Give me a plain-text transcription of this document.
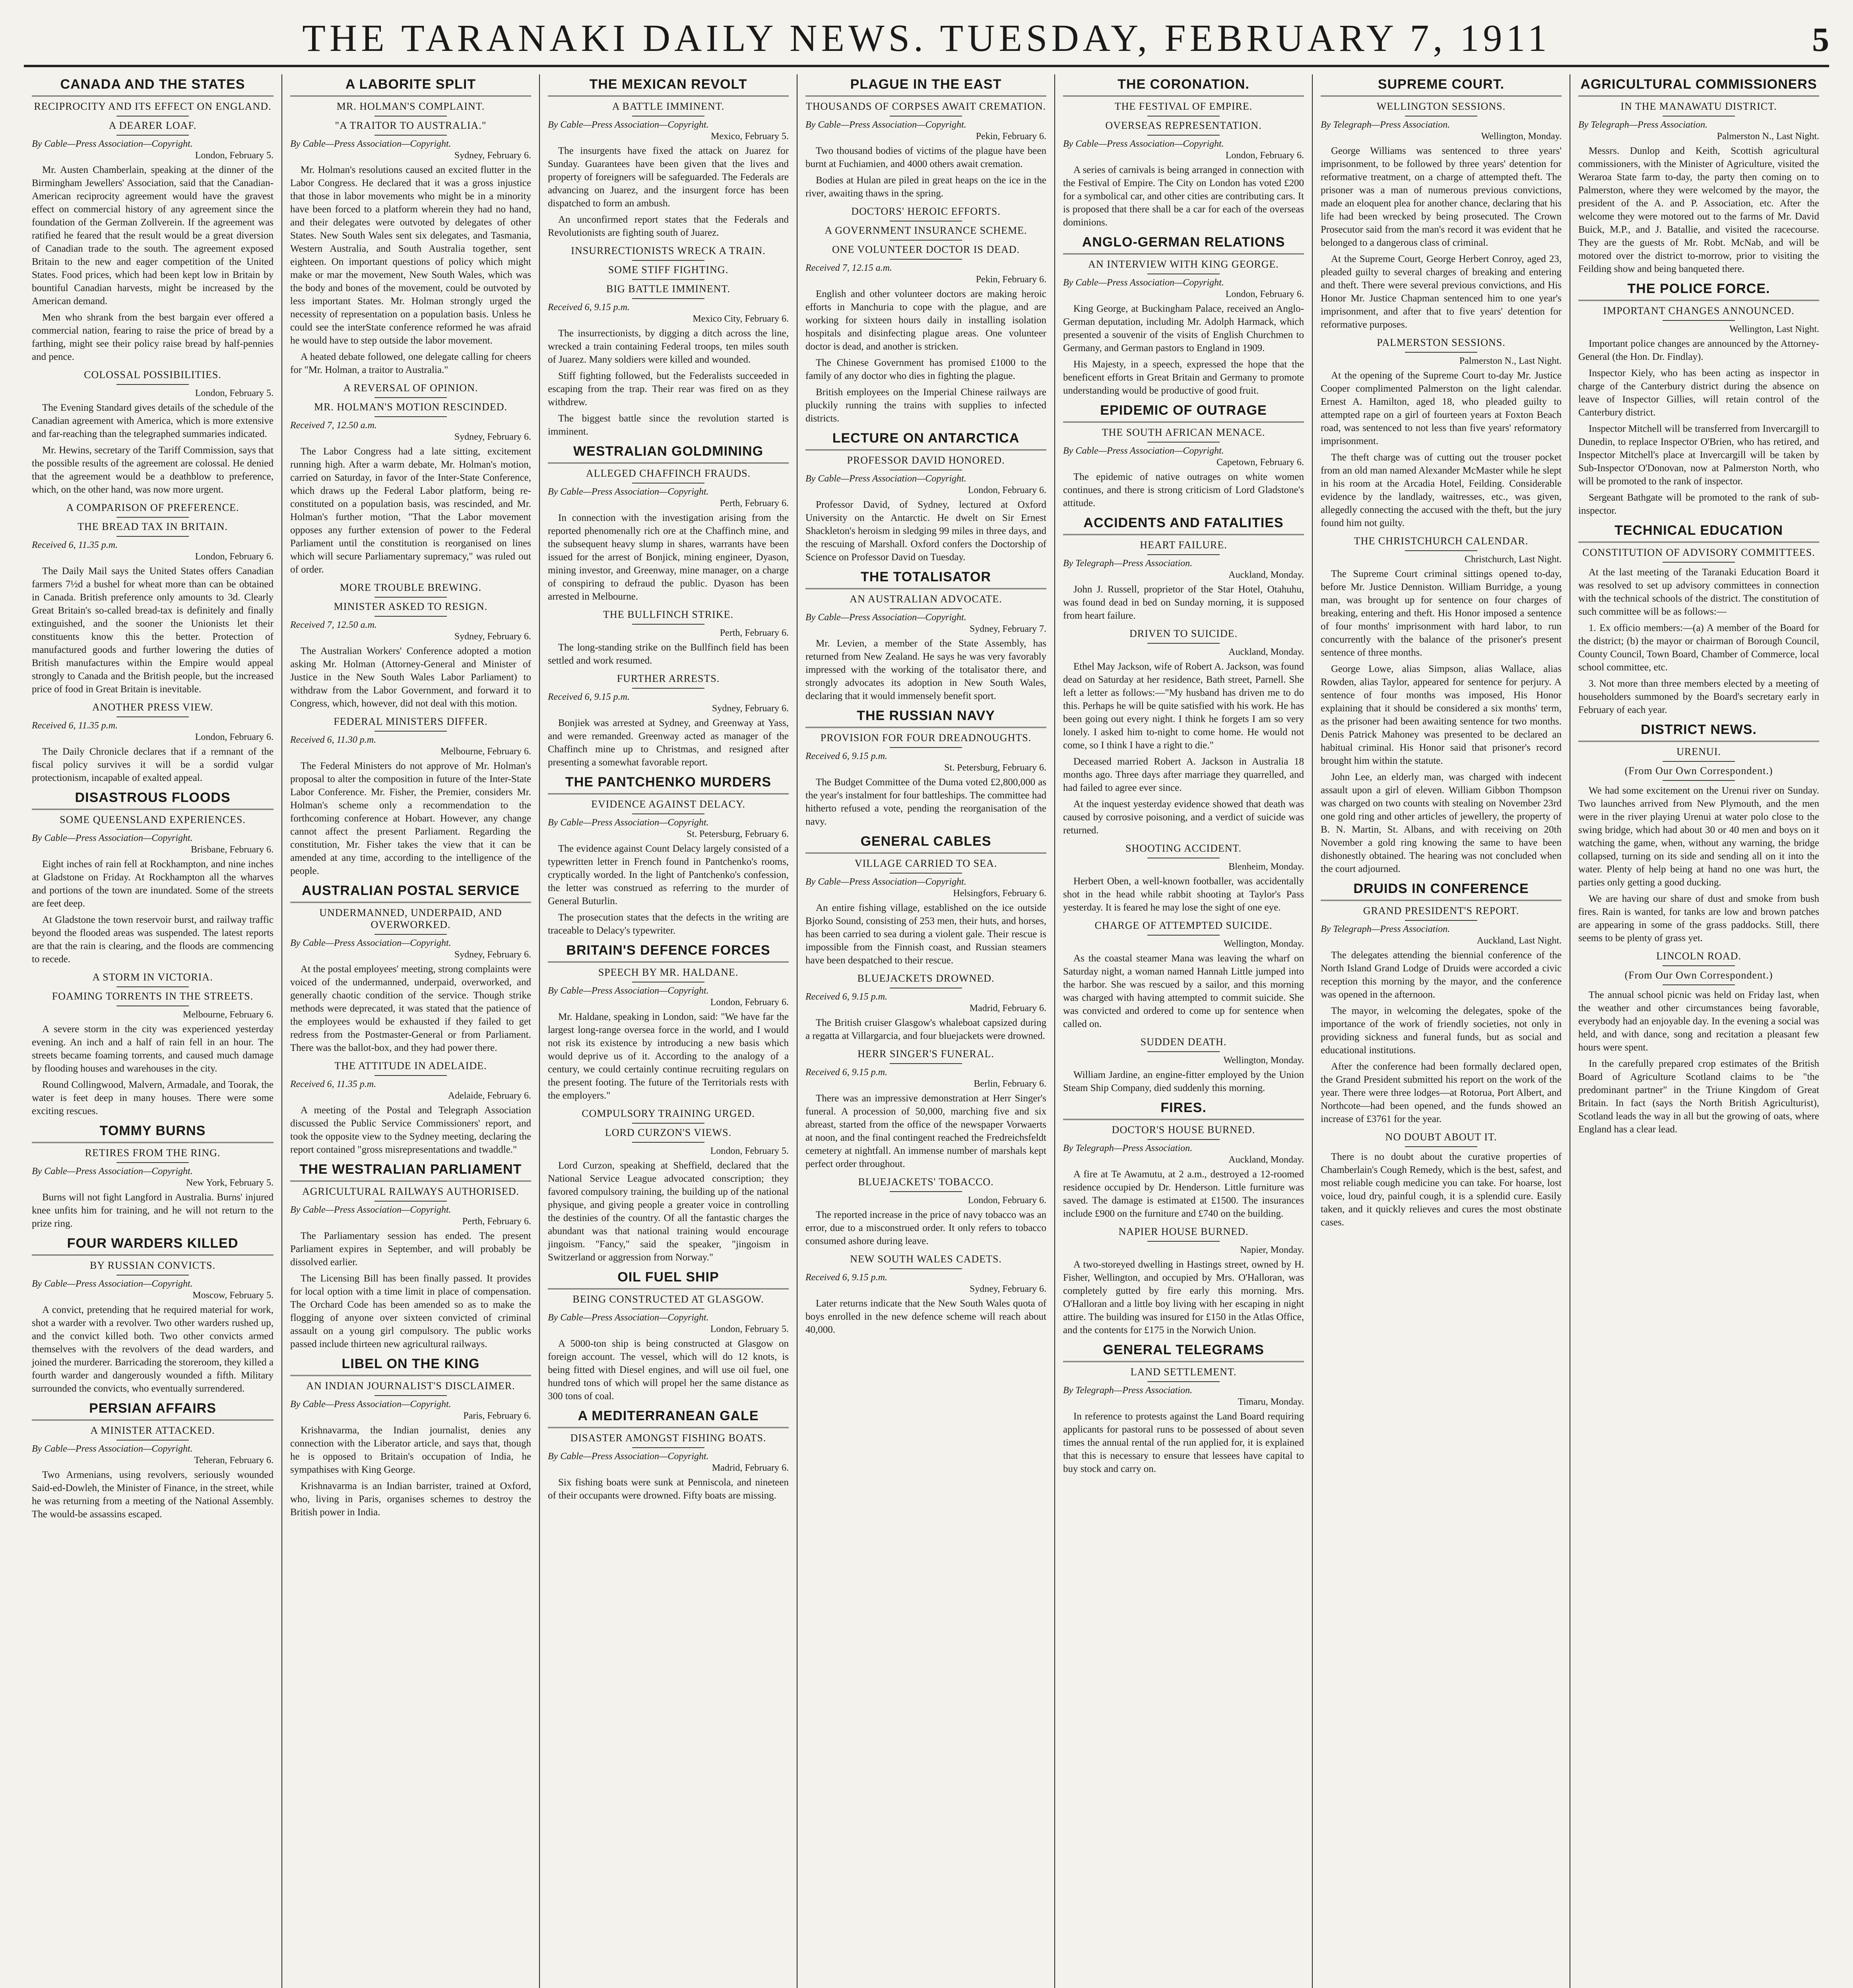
THE TARANAKI DAILY NEWS. TUESDAY, FEBRUARY 7, 1911	5
CANADA AND THE STATES
RECIPROCITY AND ITS EFFECT ON ENGLAND.
A DEARER LOAF.
By Cable—Press Association—Copyright.
London, February 5.

Mr. Austen Chamberlain, speaking at the dinner of the Birmingham Jewellers' Association, said that the Canadian-American reciprocity agreement would have the gravest effect on commercial history of any agreement since the foundation of the German Zollverein. If the agreement was ratified he feared that the result would be a great diversion of Canadian trade to the south. The agreement exposed Britain to the new and eager competition of the United States. Food prices, which had been kept low in Britain by bountiful Canadian harvests, might be increased by the American demand.

Men who shrank from the best bargain ever offered a commercial nation, fearing to raise the price of bread by a farthing, might see their policy raise bread by half-pennies and pence.

COLOSSAL POSSIBILITIES.
London, February 5.

The Evening Standard gives details of the schedule of the Canadian agreement with America, which is more extensive and far-reaching than the telegraphed summaries indicated.

Mr. Hewins, secretary of the Tariff Commission, says that the possible results of the agreement are colossal. He denied that the agreement would be a deathblow to preference, which, on the other hand, was now more urgent.

A COMPARISON OF PREFERENCE.
THE BREAD TAX IN BRITAIN.
Received 6, 11.35 p.m.
London, February 6.

The Daily Mail says the United States offers Canadian farmers 7½d a bushel for wheat more than can be obtained in Canada. British preference only amounts to 3d. Clearly Great Britain's so-called bread-tax is definitely and finally extinguished, and the sooner the Unionists let their constituents know this the better. Protection of manufactured goods and further lowering the duties of British manufactures within the Empire would appeal strongly to Canada and the British people, but the increased price of food in Great Britain is inevitable.

ANOTHER PRESS VIEW.
Received 6, 11.35 p.m.
London, February 6.

The Daily Chronicle declares that if a remnant of the fiscal policy survives it will be a sordid vulgar protectionism, incapable of exalted appeal.

DISASTROUS FLOODS
SOME QUEENSLAND EXPERIENCES.
By Cable—Press Association—Copyright.
Brisbane, February 6.

Eight inches of rain fell at Rockhampton, and nine inches at Gladstone on Friday. At Rockhampton all the wharves and portions of the town are inundated. Some of the streets are feet deep.

At Gladstone the town reservoir burst, and railway traffic beyond the flooded areas was suspended. The latest reports are that the rain is clearing, and the floods are commencing to recede.

A STORM IN VICTORIA.
FOAMING TORRENTS IN THE STREETS.
Melbourne, February 6.

A severe storm in the city was experienced yesterday evening. An inch and a half of rain fell in an hour. The streets became foaming torrents, and caused much damage by flooding houses and warehouses in the city.

Round Collingwood, Malvern, Armadale, and Toorak, the water is feet deep in many houses. There were some exciting rescues.

TOMMY BURNS
RETIRES FROM THE RING.
By Cable—Press Association—Copyright.
New York, February 5.

Burns will not fight Langford in Australia. Burns' injured knee unfits him for training, and he will not return to the prize ring.

FOUR WARDERS KILLED
BY RUSSIAN CONVICTS.
By Cable—Press Association—Copyright.
Moscow, February 5.

A convict, pretending that he required material for work, shot a warder with a revolver. Two other warders rushed up, and the convict killed both. Two other convicts armed themselves with the revolvers of the dead warders, and joined the murderer. Barricading the storeroom, they killed a fourth warder and dangerously wounded a fifth. Military surrounded the convicts, who eventually surrendered.

PERSIAN AFFAIRS
A MINISTER ATTACKED.
By Cable—Press Association—Copyright.
Teheran, February 6.

Two Armenians, using revolvers, seriously wounded Said-ed-Dowleh, the Minister of Finance, in the street, while he was returning from a meeting of the National Assembly. The would-be assassins escaped.

A LABORITE SPLIT
MR. HOLMAN'S COMPLAINT.
"A TRAITOR TO AUSTRALIA."
By Cable—Press Association—Copyright.
Sydney, February 6.

Mr. Holman's resolutions caused an excited flutter in the Labor Congress. He declared that it was a gross injustice that those in labor movements who might be in a minority have been forced to a platform wherein they had no hand, and their delegates were outvoted by delegates of other States. New South Wales sent six delegates, and Tasmania, Western Australia, and South Australia together, sent eighteen. On important questions of policy which might make or mar the movement, New South Wales, which was the body and bones of the movement, could be outvoted by less important States. Mr. Holman strongly urged the necessity of representation on a population basis. Unless he could see the interState conference reformed he was afraid he would have to step outside the labor movement.

A heated debate followed, one delegate calling for cheers for "Mr. Holman, a traitor to Australia."

A REVERSAL OF OPINION.
MR. HOLMAN'S MOTION RESCINDED.
Received 7, 12.50 a.m.
Sydney, February 6.

The Labor Congress had a late sitting, excitement running high. After a warm debate, Mr. Holman's motion, carried on Saturday, in favor of the Inter-State Conference, which draws up the Federal Labor platform, being re-constituted on a population basis, was rescinded, and Mr. Holman's further motion, "That the Labor movement opposes any further extension of power to the Federal Parliament until the constitution is reorganised on lines which will secure Parliamentary supremacy," was ruled out of order.

MORE TROUBLE BREWING.
MINISTER ASKED TO RESIGN.
Received 7, 12.50 a.m.
Sydney, February 6.

The Australian Workers' Conference adopted a motion asking Mr. Holman (Attorney-General and Minister of Justice in the New South Wales Labor Parliament) to withdraw from the Labor Government, and forward it to Congress, which, however, did not deal with this motion.

FEDERAL MINISTERS DIFFER.
Received 6, 11.30 p.m.
Melbourne, February 6.

The Federal Ministers do not approve of Mr. Holman's proposal to alter the composition in future of the Inter-State Labor Conference. Mr. Fisher, the Premier, considers Mr. Holman's scheme only a recommendation to the forthcoming conference at Hobart. However, any change cannot affect the present Parliament. Regarding the constitution, Mr. Fisher takes the view that it can be amended at any time, according to the intelligence of the people.

AUSTRALIAN POSTAL SERVICE
UNDERMANNED, UNDERPAID, AND OVERWORKED.
By Cable—Press Association—Copyright.
Sydney, February 6.

At the postal employees' meeting, strong complaints were voiced of the undermanned, underpaid, overworked, and generally chaotic condition of the service. Though strike methods were deprecated, it was stated that the patience of the employees would be exhausted if they failed to get redress from the Postmaster-General or from Parliament. There was the ballot-box, and they had power there.

THE ATTITUDE IN ADELAIDE.
Received 6, 11.35 p.m.
Adelaide, February 6.

A meeting of the Postal and Telegraph Association discussed the Public Service Commissioners' report, and took the opposite view to the Sydney meeting, declaring the report contained "gross misrepresentations and twaddle."

THE WESTRALIAN PARLIAMENT
AGRICULTURAL RAILWAYS AUTHORISED.
By Cable—Press Association—Copyright.
Perth, February 6.

The Parliamentary session has ended. The present Parliament expires in September, and will probably be dissolved earlier.

The Licensing Bill has been finally passed. It provides for local option with a time limit in place of compensation. The Orchard Code has been amended so as to make the flogging of anyone over sixteen convicted of criminal assault on a young girl compulsory. The public works passed include thirteen new agricultural railways.

LIBEL ON THE KING
AN INDIAN JOURNALIST'S DISCLAIMER.
By Cable—Press Association—Copyright.
Paris, February 6.

Krishnavarma, the Indian journalist, denies any connection with the Liberator article, and says that, though he is opposed to Britain's occupation of India, he sympathises with King George.

Krishnavarma is an Indian barrister, trained at Oxford, who, living in Paris, organises schemes to destroy the British power in India.

THE MEXICAN REVOLT
A BATTLE IMMINENT.
By Cable—Press Association—Copyright.
Mexico, February 5.

The insurgents have fixed the attack on Juarez for Sunday. Guarantees have been given that the lives and property of foreigners will be safeguarded. The Federals are advancing on Juarez, and the insurgent force has been dispatched to form an ambush.

An unconfirmed report states that the Federals and Revolutionists are fighting south of Juarez.

INSURRECTIONISTS WRECK A TRAIN.
SOME STIFF FIGHTING.
BIG BATTLE IMMINENT.
Received 6, 9.15 p.m.
Mexico City, February 6.

The insurrectionists, by digging a ditch across the line, wrecked a train containing Federal troops, ten miles south of Juarez. Many soldiers were killed and wounded.

Stiff fighting followed, but the Federalists succeeded in escaping from the trap. Their rear was fired on as they withdrew.

The biggest battle since the revolution started is imminent.

WESTRALIAN GOLDMINING
ALLEGED CHAFFINCH FRAUDS.
By Cable—Press Association—Copyright.
Perth, February 6.

In connection with the investigation arising from the reported phenomenally rich ore at the Chaffinch mine, and the subsequent heavy slump in shares, warrants have been issued for the arrest of Bonjick, mining engineer, Dyason, mining investor, and Greenway, mine manager, on a charge of conspiring to defraud the public. Dyason has been arrested in Melbourne.

THE BULLFINCH STRIKE.
Perth, February 6.

The long-standing strike on the Bullfinch field has been settled and work resumed.

FURTHER ARRESTS.
Received 6, 9.15 p.m.
Sydney, February 6.

Bonjiek was arrested at Sydney, and Greenway at Yass, and were remanded. Greenway acted as manager of the Chaffinch mine up to Christmas, and resigned after presenting a somewhat favorable report.

THE PANTCHENKO MURDERS
EVIDENCE AGAINST DELACY.
By Cable—Press Association—Copyright.
St. Petersburg, February 6.

The evidence against Count Delacy largely consisted of a typewritten letter in French found in Pantchenko's rooms, cryptically worded. In the light of Pantchenko's confession, the letter was construed as referring to the murder of General Buturlin.

The prosecution states that the defects in the writing are traceable to Delacy's typewriter.

BRITAIN'S DEFENCE FORCES
SPEECH BY MR. HALDANE.
By Cable—Press Association—Copyright.
London, February 6.

Mr. Haldane, speaking in London, said: "We have far the largest long-range oversea force in the world, and I would not risk its existence by introducing a new basis which would deprive us of it. According to the analogy of a century, we could certainly continue recruiting regulars on the present footing. The future of the Territorials rests with the employers."

COMPULSORY TRAINING URGED.
LORD CURZON'S VIEWS.
London, February 5.

Lord Curzon, speaking at Sheffield, declared that the National Service League advocated conscription; they favored compulsory training, the building up of the national physique, and giving people a greater voice in controlling the destinies of the country. Of all the fantastic charges the abundant was that national training would encourage jingoism. "Fancy," said the speaker, "jingoism in Switzerland or aggression from Norway."

OIL FUEL SHIP
BEING CONSTRUCTED AT GLASGOW.
By Cable—Press Association—Copyright.
London, February 5.

A 5000-ton ship is being constructed at Glasgow on foreign account. The vessel, which will do 12 knots, is being fitted with Diesel engines, and will use oil fuel, one hundred tons of which will propel her the same distance as 300 tons of coal.

A MEDITERRANEAN GALE
DISASTER AMONGST FISHING BOATS.
By Cable—Press Association—Copyright.
Madrid, February 6.

Six fishing boats were sunk at Penniscola, and nineteen of their occupants were drowned. Fifty boats are missing.

PLAGUE IN THE EAST
THOUSANDS OF CORPSES AWAIT CREMATION.
By Cable—Press Association—Copyright.
Pekin, February 6.

Two thousand bodies of victims of the plague have been burnt at Fuchiamien, and 4000 others await cremation.

Bodies at Hulan are piled in great heaps on the ice in the river, awaiting thaws in the spring.

DOCTORS' HEROIC EFFORTS.
A GOVERNMENT INSURANCE SCHEME.
ONE VOLUNTEER DOCTOR IS DEAD.
Received 7, 12.15 a.m.
Pekin, February 6.

English and other volunteer doctors are making heroic efforts in Manchuria to cope with the plague, and are working for sixteen hours daily in installing isolation hospitals and disinfecting plague areas. One volunteer doctor is dead, and another is stricken.

The Chinese Government has promised £1000 to the family of any doctor who dies in fighting the plague.

British employees on the Imperial Chinese railways are pluckily running the trains with supplies to infected districts.

LECTURE ON ANTARCTICA
PROFESSOR DAVID HONORED.
By Cable—Press Association—Copyright.
London, February 6.

Professor David, of Sydney, lectured at Oxford University on the Antarctic. He dwelt on Sir Ernest Shackleton's heroism in sledging 99 miles in three days, and the rescuing of Marshall. Oxford confers the Doctorship of Science on Professor David on Tuesday.

THE TOTALISATOR
AN AUSTRALIAN ADVOCATE.
By Cable—Press Association—Copyright.
Sydney, February 7.

Mr. Levien, a member of the State Assembly, has returned from New Zealand. He says he was very favorably impressed with the working of the totalisator there, and strongly advocates its adoption in New South Wales, declaring that it would immensely benefit sport.

THE RUSSIAN NAVY
PROVISION FOR FOUR DREADNOUGHTS.
Received 6, 9.15 p.m.
St. Petersburg, February 6.

The Budget Committee of the Duma voted £2,800,000 as the year's instalment for four battleships. The committee had hitherto refused a vote, pending the reorganisation of the navy.

GENERAL CABLES
VILLAGE CARRIED TO SEA.
By Cable—Press Association—Copyright.
Helsingfors, February 6.

An entire fishing village, established on the ice outside Bjorko Sound, consisting of 253 men, their huts, and horses, has been carried to sea during a violent gale. Their rescue is impossible from the Finnish coast, and Russian steamers have been despatched to their rescue.

BLUEJACKETS DROWNED.
Received 6, 9.15 p.m.
Madrid, February 6.

The British cruiser Glasgow's whaleboat capsized during a regatta at Villargarcia, and four bluejackets were drowned.

HERR SINGER'S FUNERAL.
Received 6, 9.15 p.m.
Berlin, February 6.

There was an impressive demonstration at Herr Singer's funeral. A procession of 50,000, marching five and six abreast, started from the office of the newspaper Vorwaerts at noon, and the final contingent reached the Fredreichsfeldt cemetery at nightfall. An immense number of marshals kept perfect order throughout.

BLUEJACKETS' TOBACCO.
London, February 6.

The reported increase in the price of navy tobacco was an error, due to a misconstrued order. It only refers to tobacco consumed ashore during leave.

NEW SOUTH WALES CADETS.
Received 6, 9.15 p.m.
Sydney, February 6.

Later returns indicate that the New South Wales quota of boys enrolled in the new defence scheme will reach about 40,000.

THE CORONATION.
THE FESTIVAL OF EMPIRE.
OVERSEAS REPRESENTATION.
By Cable—Press Association—Copyright.
London, February 6.

A series of carnivals is being arranged in connection with the Festival of Empire. The City on London has voted £200 for a symbolical car, and other cities are contributing cars. It is proposed that there shall be a car for each of the overseas dominions.

ANGLO-GERMAN RELATIONS
AN INTERVIEW WITH KING GEORGE.
By Cable—Press Association—Copyright.
London, February 6.

King George, at Buckingham Palace, received an Anglo-German deputation, including Mr. Adolph Harmack, which presented a souvenir of the visits of English Churchmen to Germany, and German pastors to England in 1909.

His Majesty, in a speech, expressed the hope that the beneficent efforts in Great Britain and Germany to promote understanding would be productive of good fruit.

EPIDEMIC OF OUTRAGE
THE SOUTH AFRICAN MENACE.
By Cable—Press Association—Copyright.
Capetown, February 6.

The epidemic of native outrages on white women continues, and there is strong criticism of Lord Gladstone's attitude.

ACCIDENTS AND FATALITIES
HEART FAILURE.
By Telegraph—Press Association.
Auckland, Monday.

John J. Russell, proprietor of the Star Hotel, Otahuhu, was found dead in bed on Sunday morning, it is supposed from heart failure.

DRIVEN TO SUICIDE.
Auckland, Monday.

Ethel May Jackson, wife of Robert A. Jackson, was found dead on Saturday at her residence, Bath street, Parnell. She left a letter as follows:—"My husband has driven me to do this. Perhaps he will be quite satisfied with his work. He has been going out every night. I think he forgets I am so very lonely. I asked him to-night to come home. He would not come, so I think I have a right to die."

Deceased married Robert A. Jackson in Australia 18 months ago. Three days after marriage they quarrelled, and had failed to agree ever since.

At the inquest yesterday evidence showed that death was caused by corrosive poisoning, and a verdict of suicide was returned.

SHOOTING ACCIDENT.
Blenheim, Monday.

Herbert Oben, a well-known footballer, was accidentally shot in the head while rabbit shooting at Taylor's Pass yesterday. It is feared he may lose the sight of one eye.

CHARGE OF ATTEMPTED SUICIDE.
Wellington, Monday.

As the coastal steamer Mana was leaving the wharf on Saturday night, a woman named Hannah Little jumped into the harbor. She was rescued by a sailor, and this morning was charged with having attempted to commit suicide. She was convicted and ordered to come up for sentence when called on.

SUDDEN DEATH.
Wellington, Monday.

William Jardine, an engine-fitter employed by the Union Steam Ship Company, died suddenly this morning.

FIRES.
DOCTOR'S HOUSE BURNED.
By Telegraph—Press Association.
Auckland, Monday.

A fire at Te Awamutu, at 2 a.m., destroyed a 12-roomed residence occupied by Dr. Henderson. Little furniture was saved. The damage is estimated at £1500. The insurances include £900 on the furniture and £740 on the building.

NAPIER HOUSE BURNED.
Napier, Monday.

A two-storeyed dwelling in Hastings street, owned by H. Fisher, Wellington, and occupied by Mrs. O'Halloran, was completely gutted by fire early this morning. Mrs. O'Halloran and a little boy living with her escaping in night attire. The building was insured for £150 in the Atlas Office, and the contents for £175 in the Norwich Union.

GENERAL TELEGRAMS
LAND SETTLEMENT.
By Telegraph—Press Association.
Timaru, Monday.

In reference to protests against the Land Board requiring applicants for pastoral runs to be possessed of about seven times the annual rental of the run applied for, it is explained that this is necessary to ensure that lessees have capital to buy stock and carry on.

SUPREME COURT.
WELLINGTON SESSIONS.
By Telegraph—Press Association.
Wellington, Monday.

George Williams was sentenced to three years' imprisonment, to be followed by three years' detention for reformative treatment, on a charge of attempted theft. The prisoner was a man of numerous previous convictions, made an eloquent plea for another chance, declaring that his life had been wrecked by being prosecuted. The Crown Prosecutor said from the man's record it was evident that he belonged to a dangerous class of criminal.

At the Supreme Court, George Herbert Conroy, aged 23, pleaded guilty to several charges of breaking and entering and theft. There were several previous convictions, and His Honor Mr. Justice Chapman sentenced him to one year's imprisonment, and after that to five years' detention for reformative purposes.

PALMERSTON SESSIONS.
Palmerston N., Last Night.

At the opening of the Supreme Court to-day Mr. Justice Cooper complimented Palmerston on the light calendar. Ernest A. Hamilton, aged 18, who pleaded guilty to attempted rape on a girl of fourteen years at Foxton Beach road, was sentenced to not less than five years' reformatory imprisonment.

The theft charge was of cutting out the trouser pocket from an old man named Alexander McMaster while he slept in his room at the Arcadia Hotel, Feilding. Considerable evidence by the landlady, waitresses, etc., was given, allegedly connecting the accused with the theft, but the jury found him not guilty.

THE CHRISTCHURCH CALENDAR.
Christchurch, Last Night.

The Supreme Court criminal sittings opened to-day, before Mr. Justice Denniston. William Burridge, a young man, was brought up for sentence on four charges of breaking, entering and theft. His Honor imposed a sentence of four months' imprisonment with hard labor, to run concurrently with the balance of the prisoner's present sentence of three months.

George Lowe, alias Simpson, alias Wallace, alias Rowden, alias Taylor, appeared for sentence for perjury. A sentence of four months was imposed, His Honor explaining that it should be considered a six months' term, as the prisoner had been awaiting sentence for two months. Denis Patrick Mahoney was presented to be declared an habitual criminal. His Honor said that prisoner's record brought him within the statute.

John Lee, an elderly man, was charged with indecent assault upon a girl of eleven. William Gibbon Thompson was charged on two counts with stealing on November 23rd one gold ring and other articles of jewellery, the property of B. N. Martin, St. Albans, and with receiving on 20th November a gold ring knowing the same to have been dishonestly obtained. The hearing was not concluded when the court adjourned.

DRUIDS IN CONFERENCE
GRAND PRESIDENT'S REPORT.
By Telegraph—Press Association.
Auckland, Last Night.

The delegates attending the biennial conference of the North Island Grand Lodge of Druids were accorded a civic reception this morning by the mayor, and the conference was opened in the afternoon.

The mayor, in welcoming the delegates, spoke of the importance of the work of friendly societies, not only in providing sickness and funeral funds, but as social and educational institutions.

After the conference had been formally declared open, the Grand President submitted his report on the work of the year. There were three lodges—at Rotorua, Port Albert, and Northcote—had been opened, and the funds showed an increase of £3761 for the year.

NO DOUBT ABOUT IT.

There is no doubt about the curative properties of Chamberlain's Cough Remedy, which is the best, safest, and most reliable cough medicine you can take. For hoarse, lost voice, loud dry, painful cough, it is a splendid cure. Easily taken, and it quickly relieves and cures the most obstinate cases.

AGRICULTURAL COMMISSIONERS
IN THE MANAWATU DISTRICT.
By Telegraph—Press Association.
Palmerston N., Last Night.

Messrs. Dunlop and Keith, Scottish agricultural commissioners, with the Minister of Agriculture, visited the Weraroa State farm to-day, the party then coming on to Palmerston, where they were welcomed by the mayor, the president of the A. and P. Association, etc. After the welcome they were motored out to the farms of Mr. David Buick, M.P., and J. Batallie, and visited the racecourse. They are the guests of Mr. Robt. McNab, and will be motored over the district to-morrow, prior to visiting the Feilding show and being banqueted there.

THE POLICE FORCE.
IMPORTANT CHANGES ANNOUNCED.
Wellington, Last Night.

Important police changes are announced by the Attorney-General (the Hon. Dr. Findlay).

Inspector Kiely, who has been acting as inspector in charge of the Canterbury district during the absence on leave of Inspector Gillies, will retain control of the Canterbury district.

Inspector Mitchell will be transferred from Invercargill to Dunedin, to replace Inspector O'Brien, who has retired, and Inspector Mitchell's place at Invercargill will be taken by Sub-Inspector O'Donovan, now at Palmerston North, who will be promoted to the rank of inspector.

Sergeant Bathgate will be promoted to the rank of sub-inspector.

TECHNICAL EDUCATION
CONSTITUTION OF ADVISORY COMMITTEES.

At the last meeting of the Taranaki Education Board it was resolved to set up advisory committees in connection with the technical schools of the district. The constitution of such committee will be as follows:—

1. Ex officio members:—(a) A member of the Board for the district; (b) the mayor or chairman of Borough Council, County Council, Town Board, Chamber of Commerce, local school committee, etc.

3. Not more than three members elected by a meeting of householders summoned by the Board's secretary early in February of each year.

DISTRICT NEWS.
URENUI.
(From Our Own Correspondent.)

We had some excitement on the Urenui river on Sunday. Two launches arrived from New Plymouth, and the men were in the river playing Urenui at water polo close to the swing bridge, which had about 30 or 40 men and boys on it watching the game, when, without any warning, the bridge collapsed, turning on its side and sending all on it into the water. Plenty of help being at hand no one was hurt, the parties only getting a good ducking.

We are having our share of dust and smoke from bush fires. Rain is wanted, for tanks are low and brown patches are appearing in some of the grass paddocks. Still, there seems to be plenty of grass yet.

LINCOLN ROAD.
(From Our Own Correspondent.)

The annual school picnic was held on Friday last, when the weather and other circumstances being favorable, everybody had an enjoyable day. In the evening a social was held, and with dance, song and recitation a pleasant few hours were spent.

In the carefully prepared crop estimates of the British Board of Agriculture Scotland claims to be "the predominant partner" in the Triune Kingdom of Great Britain. In fact (says the North British Agriculturist), Scotland leads the way in all but the growing of oats, where England has a clear lead.
